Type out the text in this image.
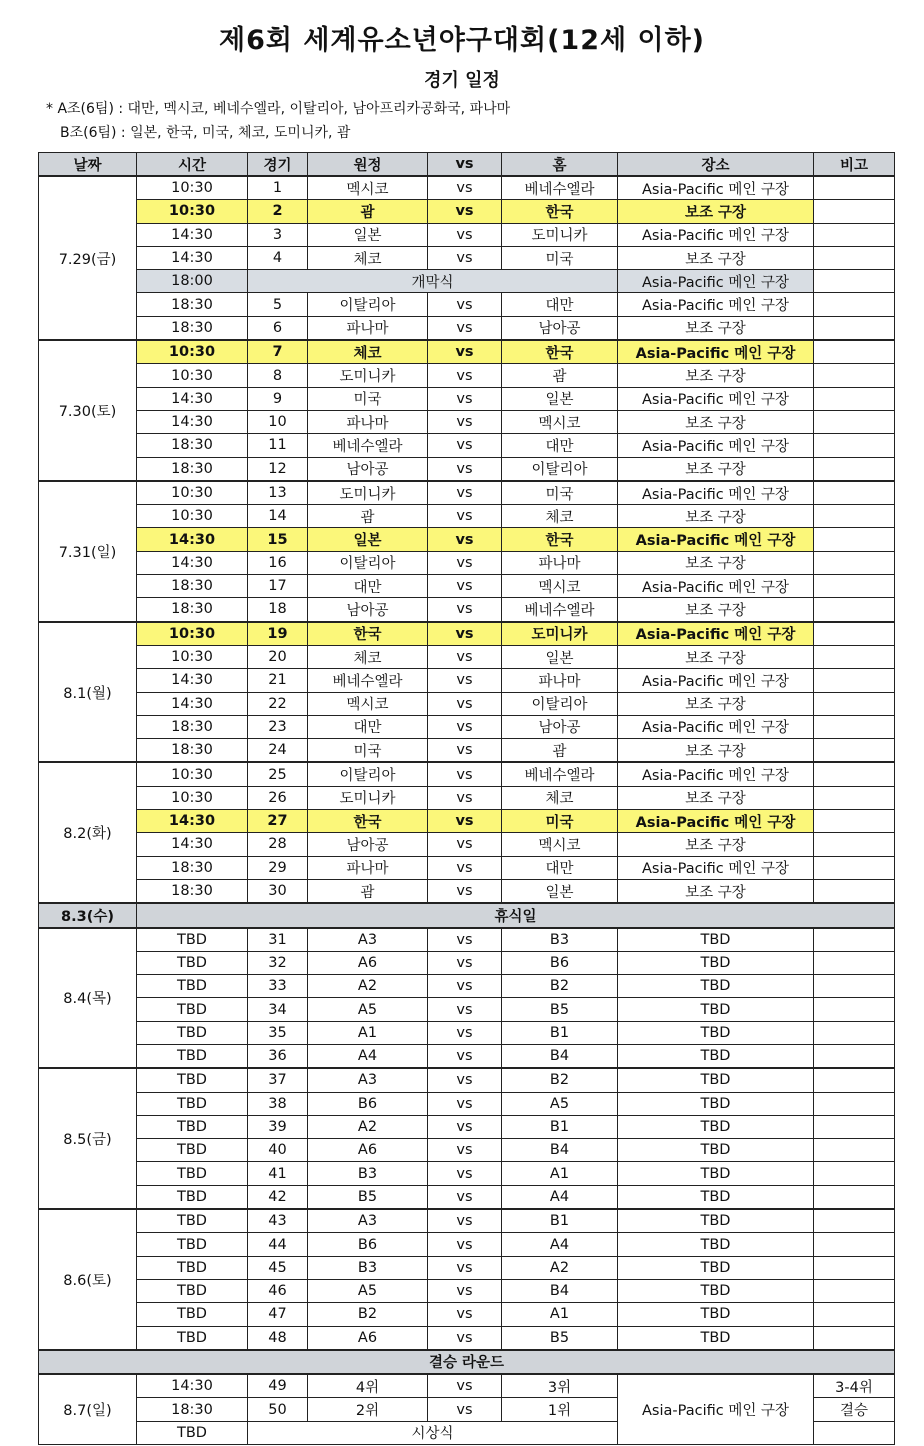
제6회 세계유소년야구대회(12세 이하)
경기 일정
* A조(6팀) : 대만, 멕시코, 베네수엘라, 이탈리아, 남아프리카공화국, 파나마
B조(6팀) : 일본, 한국, 미국, 체코, 도미니카, 괌
날짜	시간	경기	원정	vs	홈	장소	비고
7.29(금)	10:30	1	멕시코	vs	베네수엘라	Asia-Pacific 메인 구장	
	10:30	2	괌	vs	한국	보조 구장	
	14:30	3	일본	vs	도미니카	Asia-Pacific 메인 구장	
	14:30	4	체코	vs	미국	보조 구장	
	18:00	개막식				Asia-Pacific 메인 구장	
	18:30	5	이탈리아	vs	대만	Asia-Pacific 메인 구장	
	18:30	6	파나마	vs	남아공	보조 구장	
7.30(토)	10:30	7	체코	vs	한국	Asia-Pacific 메인 구장	
	10:30	8	도미니카	vs	괌	보조 구장	
	14:30	9	미국	vs	일본	Asia-Pacific 메인 구장	
	14:30	10	파나마	vs	멕시코	보조 구장	
	18:30	11	베네수엘라	vs	대만	Asia-Pacific 메인 구장	
	18:30	12	남아공	vs	이탈리아	보조 구장	
7.31(일)	10:30	13	도미니카	vs	미국	Asia-Pacific 메인 구장	
	10:30	14	괌	vs	체코	보조 구장	
	14:30	15	일본	vs	한국	Asia-Pacific 메인 구장	
	14:30	16	이탈리아	vs	파나마	보조 구장	
	18:30	17	대만	vs	멕시코	Asia-Pacific 메인 구장	
	18:30	18	남아공	vs	베네수엘라	보조 구장	
8.1(월)	10:30	19	한국	vs	도미니카	Asia-Pacific 메인 구장	
	10:30	20	체코	vs	일본	보조 구장	
	14:30	21	베네수엘라	vs	파나마	Asia-Pacific 메인 구장	
	14:30	22	멕시코	vs	이탈리아	보조 구장	
	18:30	23	대만	vs	남아공	Asia-Pacific 메인 구장	
	18:30	24	미국	vs	괌	보조 구장	
8.2(화)	10:30	25	이탈리아	vs	베네수엘라	Asia-Pacific 메인 구장	
	10:30	26	도미니카	vs	체코	보조 구장	
	14:30	27	한국	vs	미국	Asia-Pacific 메인 구장	
	14:30	28	남아공	vs	멕시코	보조 구장	
	18:30	29	파나마	vs	대만	Asia-Pacific 메인 구장	
	18:30	30	괌	vs	일본	보조 구장	
8.3(수)	휴식일						
8.4(목)	TBD	31	A3	vs	B3	TBD	
	TBD	32	A6	vs	B6	TBD	
	TBD	33	A2	vs	B2	TBD	
	TBD	34	A5	vs	B5	TBD	
	TBD	35	A1	vs	B1	TBD	
	TBD	36	A4	vs	B4	TBD	
8.5(금)	TBD	37	A3	vs	B2	TBD	
	TBD	38	B6	vs	A5	TBD	
	TBD	39	A2	vs	B1	TBD	
	TBD	40	A6	vs	B4	TBD	
	TBD	41	B3	vs	A1	TBD	
	TBD	42	B5	vs	A4	TBD	
8.6(토)	TBD	43	A3	vs	B1	TBD	
	TBD	44	B6	vs	A4	TBD	
	TBD	45	B3	vs	A2	TBD	
	TBD	46	A5	vs	B4	TBD	
	TBD	47	B2	vs	A1	TBD	
	TBD	48	A6	vs	B5	TBD	
결승 라운드							
8.7(일)	14:30	49	4위	vs	3위	Asia-Pacific 메인 구장	3-4위
	18:30	50	2위	vs	1위		결승
	TBD	시상식					
